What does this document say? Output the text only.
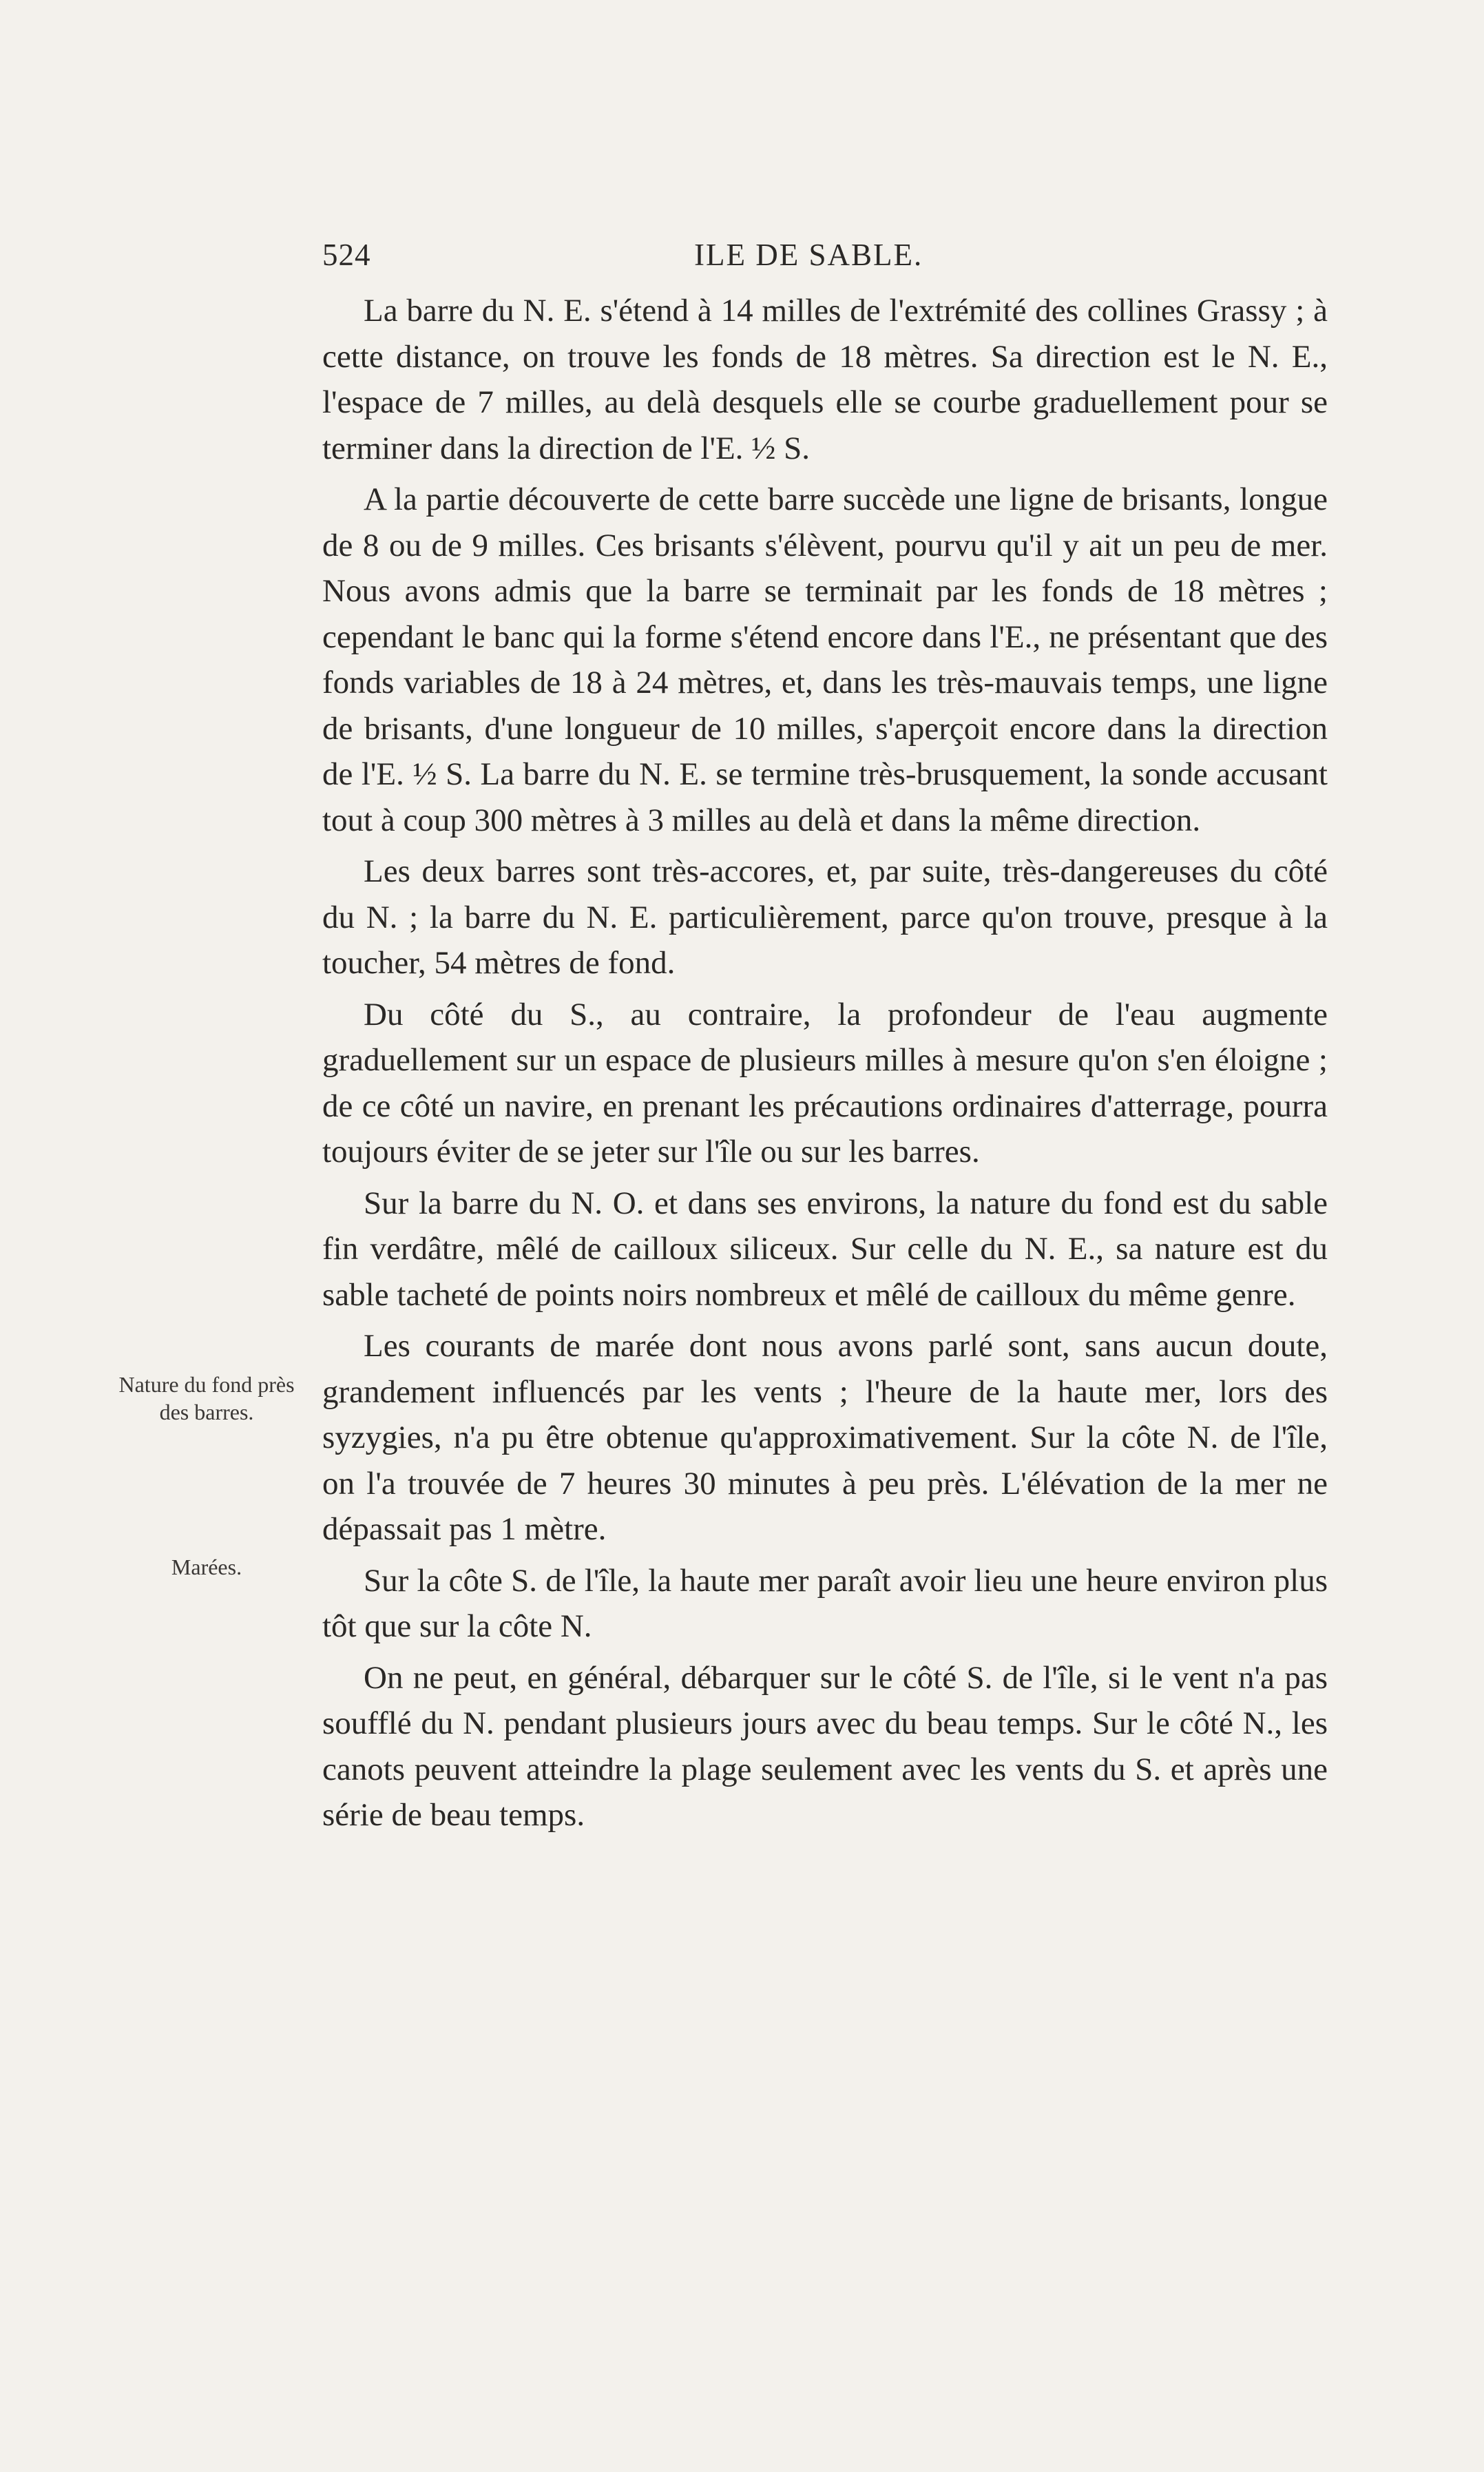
524	ILE DE SABLE.
Nature du fond près des barres.
Marées.

La barre du N. E. s'étend à 14 milles de l'extrémité des collines Grassy ; à cette distance, on trouve les fonds de 18 mètres. Sa direction est le N. E., l'espace de 7 milles, au delà desquels elle se courbe graduellement pour se terminer dans la direction de l'E. ½ S.

A la partie découverte de cette barre succède une ligne de brisants, longue de 8 ou de 9 milles. Ces brisants s'élèvent, pourvu qu'il y ait un peu de mer. Nous avons admis que la barre se terminait par les fonds de 18 mètres ; cependant le banc qui la forme s'étend encore dans l'E., ne présentant que des fonds variables de 18 à 24 mètres, et, dans les très-mauvais temps, une ligne de brisants, d'une longueur de 10 milles, s'aperçoit encore dans la direction de l'E. ½ S. La barre du N. E. se termine très-brusquement, la sonde accusant tout à coup 300 mètres à 3 milles au delà et dans la même direction.

Les deux barres sont très-accores, et, par suite, très-dangereuses du côté du N. ; la barre du N. E. particulièrement, parce qu'on trouve, presque à la toucher, 54 mètres de fond.

Du côté du S., au contraire, la profondeur de l'eau augmente graduellement sur un espace de plusieurs milles à mesure qu'on s'en éloigne ; de ce côté un navire, en prenant les précautions ordinaires d'atterrage, pourra toujours éviter de se jeter sur l'île ou sur les barres.

Sur la barre du N. O. et dans ses environs, la nature du fond est du sable fin verdâtre, mêlé de cailloux siliceux. Sur celle du N. E., sa nature est du sable tacheté de points noirs nombreux et mêlé de cailloux du même genre.

Les courants de marée dont nous avons parlé sont, sans aucun doute, grandement influencés par les vents ; l'heure de la haute mer, lors des syzygies, n'a pu être obtenue qu'approximativement. Sur la côte N. de l'île, on l'a trouvée de 7 heures 30 minutes à peu près. L'élévation de la mer ne dépassait pas 1 mètre.

Sur la côte S. de l'île, la haute mer paraît avoir lieu une heure environ plus tôt que sur la côte N.

On ne peut, en général, débarquer sur le côté S. de l'île, si le vent n'a pas soufflé du N. pendant plusieurs jours avec du beau temps. Sur le côté N., les canots peuvent atteindre la plage seulement avec les vents du S. et après une série de beau temps.
